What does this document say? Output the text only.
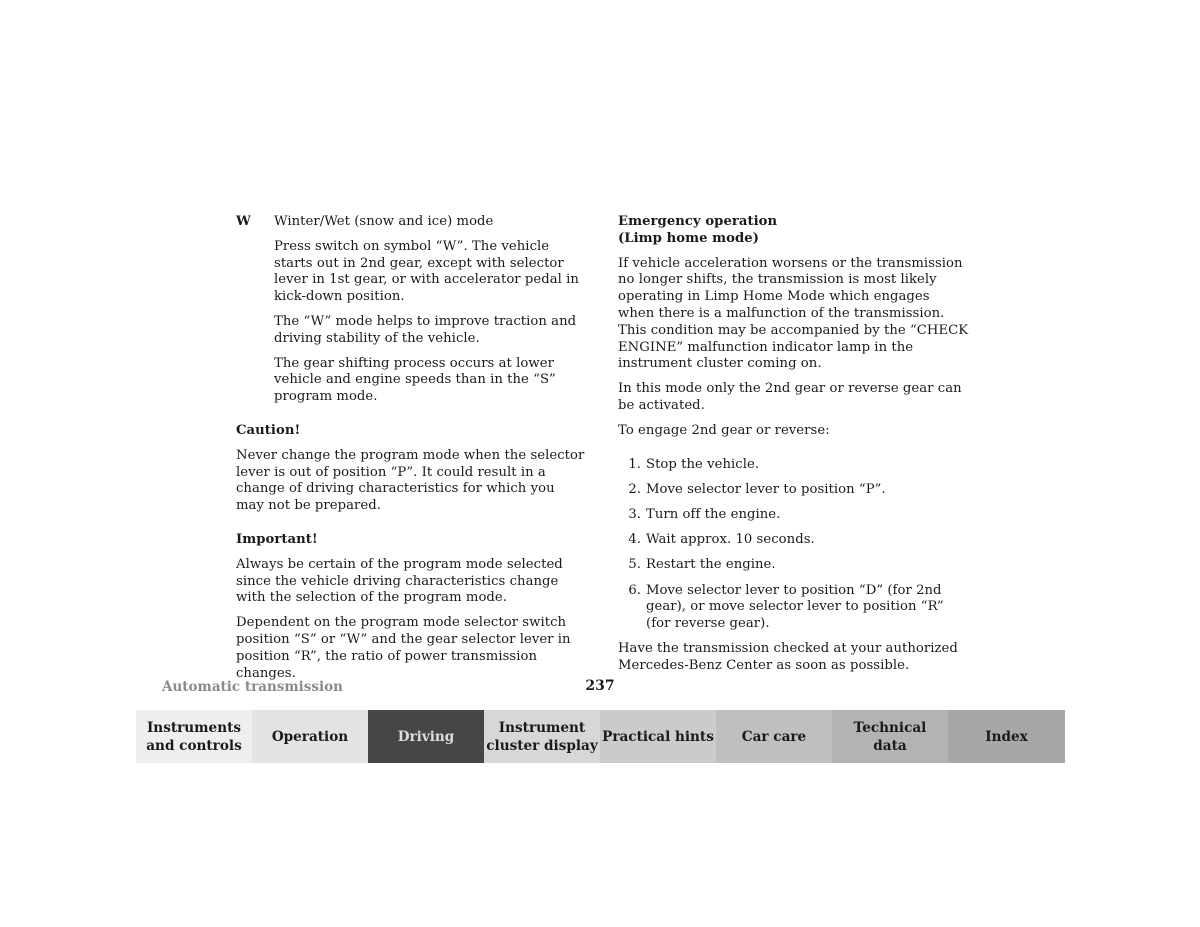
W	Winter/Wet (snow and ice) mode

Press switch on symbol “W”. The vehicle starts out in 2nd gear, except with selector lever in 1st gear, or with accelerator pedal in kick-down position.

The “W” mode helps to improve traction and driving stability of the vehicle.

The gear shifting process occurs at lower vehicle and engine speeds than in the “S” program mode.

Caution!

Never change the program mode when the selector lever is out of position “P”. It could result in a change of driving characteristics for which you may not be prepared.

Important!

Always be certain of the program mode selected since the vehicle driving characteristics change with the selection of the program mode.

Dependent on the program mode selector switch position “S” or “W” and the gear selector lever in position “R”, the ratio of power transmission changes.

Emergency operation
(Limp home mode)

If vehicle acceleration worsens or the transmission no longer shifts, the transmission is most likely operating in Limp Home Mode which engages when there is a malfunction of the transmission. This condition may be accompanied by the “CHECK ENGINE” malfunction indicator lamp in the instrument cluster coming on.

In this mode only the 2nd gear or reverse gear can be activated.

To engage 2nd gear or reverse:

1. Stop the vehicle.
2. Move selector lever to position “P”.
3. Turn off the engine.
4. Wait approx. 10 seconds.
5. Restart the engine.
6. Move selector lever to position “D” (for 2nd gear), or move selector lever to position “R” (for reverse gear).

Have the transmission checked at your authorized Mercedes-Benz Center as soon as possible.

Automatic transmission	237
Instruments
and controls
Operation	Driving
Instrument
cluster display
Practical hints Car care
Technical
data
Index
